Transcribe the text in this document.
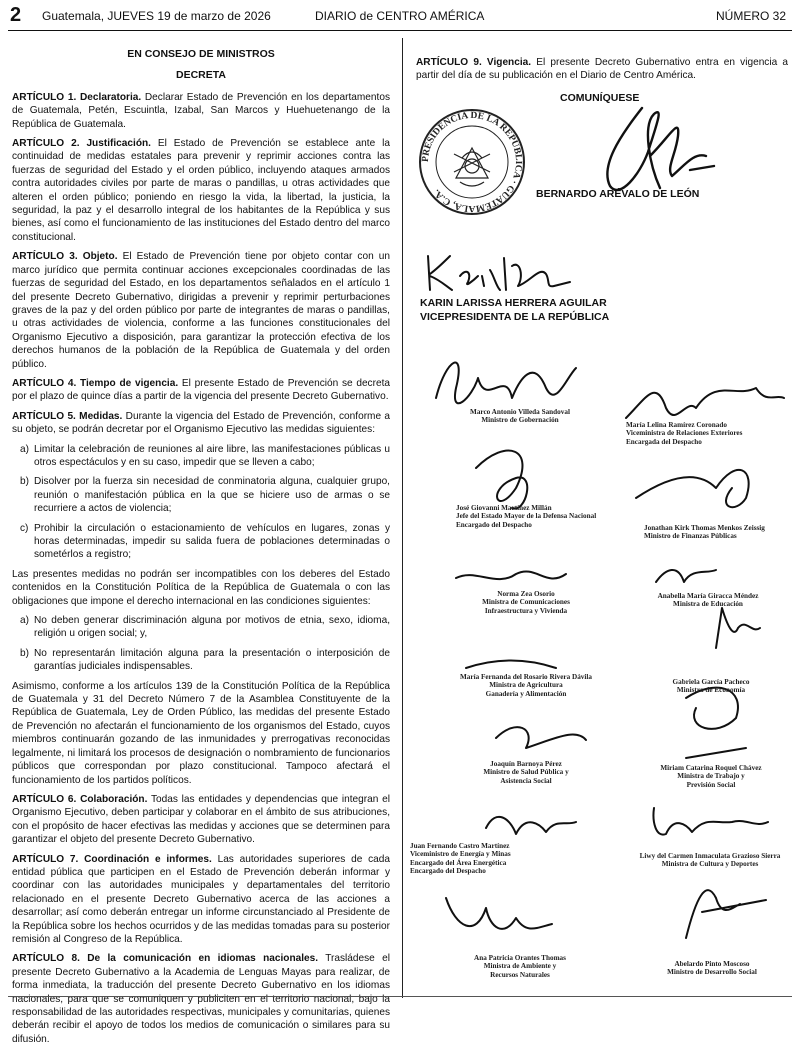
2 Guatemala, JUEVES 19 de marzo de 2026	DIARIO de CENTRO AMÉRICA	NÚMERO 32
EN CONSEJO DE MINISTROS
DECRETA

ARTÍCULO 1. Declaratoria. Declarar Estado de Prevención en los departamentos de Guatemala, Petén, Escuintla, Izabal, San Marcos y Huehuetenango de la República de Guatemala.

ARTÍCULO 2. Justificación. El Estado de Prevención se establece ante la continuidad de medidas estatales para prevenir y reprimir acciones contra las fuerzas de seguridad del Estado y el orden público, incluyendo ataques armados contra autoridades civiles por parte de maras o pandillas, u otras actividades que alteren el orden público; poniendo en riesgo la vida, la libertad, la justicia, la seguridad, la paz y el desarrollo integral de los habitantes de la República y sus bienes, así como el funcionamiento de las instituciones del Estado dentro del marco constitucional.

ARTÍCULO 3. Objeto. El Estado de Prevención tiene por objeto contar con un marco jurídico que permita continuar acciones excepcionales coordinadas de las fuerzas de seguridad del Estado, en los departamentos señalados en el artículo 1 del presente Decreto Gubernativo, dirigidas a prevenir y reprimir perturbaciones graves de la paz y del orden público por parte de integrantes de maras o pandillas, u otras actividades de violencia, conforme a las funciones constitucionales del Organismo Ejecutivo a disposición, para garantizar la protección efectiva de los derechos humanos de la población de la República de Guatemala y del orden público.

ARTÍCULO 4. Tiempo de vigencia. El presente Estado de Prevención se decreta por el plazo de quince días a partir de la vigencia del presente Decreto Gubernativo.

ARTÍCULO 5. Medidas. Durante la vigencia del Estado de Prevención, conforme a su objeto, se podrán decretar por el Organismo Ejecutivo las medidas siguientes:

a) Limitar la celebración de reuniones al aire libre, las manifestaciones públicas u otros espectáculos y en su caso, impedir que se lleven a cabo;
b) Disolver por la fuerza sin necesidad de conminatoria alguna, cualquier grupo, reunión o manifestación pública en la que se hiciere uso de armas o se recurriere a actos de violencia;
c) Prohibir la circulación o estacionamiento de vehículos en lugares, zonas y horas determinadas, impedir su salida fuera de poblaciones determinadas o sometérlos a registro;

Las presentes medidas no podrán ser incompatibles con los deberes del Estado contenidos en la Constitución Política de la República de Guatemala o con las obligaciones que impone el derecho internacional en las condiciones siguientes:

a) No deben generar discriminación alguna por motivos de etnia, sexo, idioma, religión u origen social; y,
b) No representarán limitación alguna para la presentación o interposición de garantías judiciales indispensables.

Asimismo, conforme a los artículos 139 de la Constitución Política de la República de Guatemala y 31 del Decreto Número 7 de la Asamblea Constituyente de la República de Guatemala, Ley de Orden Público, las medidas del presente Estado de Prevención no afectarán el funcionamiento de los organismos del Estado, cuyos miembros continuarán gozando de las inmunidades y prerrogativas reconocidas legalmente, ni limitará los procesos de designación o nombramiento de funcionarios públicos que correspondan por plazo constitucional. Tampoco afectará el funcionamiento de los partidos políticos.

ARTÍCULO 6. Colaboración. Todas las entidades y dependencias que integran el Organismo Ejecutivo, deben participar y colaborar en el ámbito de sus atribuciones, con el propósito de hacer efectivas las medidas y acciones que se determinen para garantizar el objeto del presente Decreto Gubernativo.

ARTÍCULO 7. Coordinación e informes. Las autoridades superiores de cada entidad pública que participen en el Estado de Prevención deberán informar y coordinar con las autoridades municipales y departamentales del territorio relacionado en el presente Decreto Gubernativo acerca de las acciones a desarrollar; así como deberán entregar un informe circunstanciado al Presidente de la República sobre los hechos ocurridos y de las medidas tomadas para su posterior remisión al Congreso de la República.

ARTÍCULO 8. De la comunicación en idiomas nacionales. Trasládese el presente Decreto Gubernativo a la Academia de Lenguas Mayas para realizar, de forma inmediata, la traducción del presente Decreto Gubernativo en los idiomas nacionales, para que se comuniquen y publiciten en el territorio nacional, bajo la responsabilidad de las autoridades respectivas, municipales y comunitarias, quienes deberán recibir el apoyo de todos los medios de comunicación o similares para su difusión.

ARTÍCULO 9. Vigencia. El presente Decreto Gubernativo entra en vigencia a partir del día de su publicación en el Diario de Centro América.
COMUNÍQUESE
PRESIDENCIA DE LA REPÚBLICA · GUATEMALA, C.A.	BERNARDO ARÉVALO DE LEÓN
KARIN LARISSA HERRERA AGUILAR
VICEPRESIDENTA DE LA REPÚBLICA
Marco Antonio Villeda Sandoval
Ministro de Gobernación
María Lelina Ramírez Coronado
Viceministra de Relaciones Exteriores
Encargada del Despacho
José Giovanni Martínez Millán
Jefe del Estado Mayor de la Defensa Nacional
Encargado del Despacho	Jonathan Kirk Thomas Menkos Zeissig
Ministro de Finanzas Públicas
Norma Zea Osorio
Ministra de Comunicaciones
Infraestructura y Vivienda
Anabella María Giracca Méndez
Ministra de Educación
María Fernanda del Rosario Rivera Dávila
Ministra de Agricultura
Ganadería y Alimentación
Gabriela García Pacheco
Ministra de Economía
Joaquín Barnoya Pérez
Ministro de Salud Pública y
Asistencia Social
Miriam Catarina Roquel Chávez
Ministra de Trabajo y
Previsión Social
Juan Fernando Castro Martínez
Viceministro de Energía y Minas
Encargado del Área Energética
Encargado del Despacho
Liwy del Carmen Inmaculata Grazioso Sierra
Ministra de Cultura y Deportes
Ana Patricia Orantes Thomas
Ministra de Ambiente y
Recursos Naturales
Abelardo Pinto Moscoso
Ministro de Desarrollo Social
